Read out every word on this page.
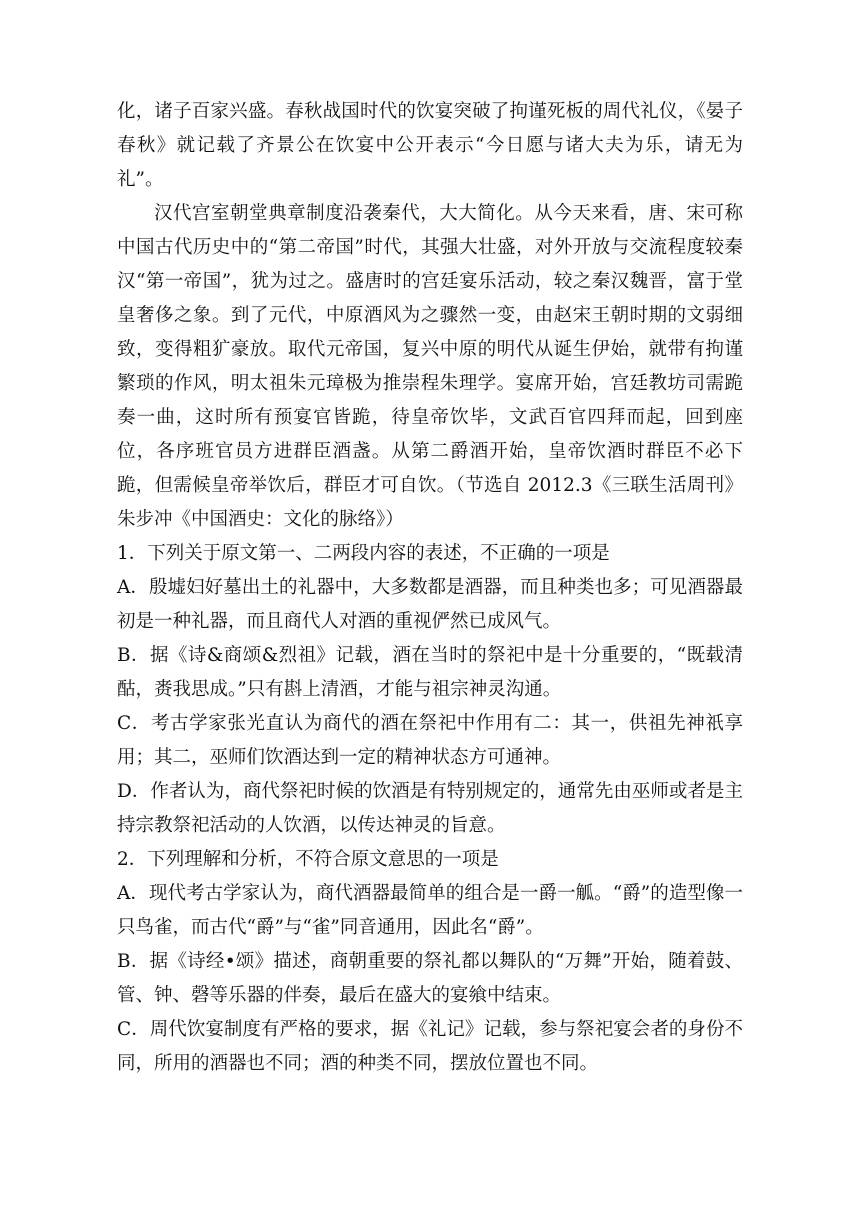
化，诸子百家兴盛。春秋战国时代的饮宴突破了拘谨死板的周代礼仪，《晏子春秋》就记载了齐景公在饮宴中公开表示“今日愿与诸大夫为乐，请无为礼”。

汉代宫室朝堂典章制度沿袭秦代，大大简化。从今天来看，唐、宋可称中国古代历史中的“第二帝国”时代，其强大壮盛，对外开放与交流程度较秦汉“第一帝国”，犹为过之。盛唐时的宫廷宴乐活动，较之秦汉魏晋，富于堂皇奢侈之象。到了元代，中原酒风为之骤然一变，由赵宋王朝时期的文弱细致，变得粗犷豪放。取代元帝国，复兴中原的明代从诞生伊始，就带有拘谨繁琐的作风，明太祖朱元璋极为推崇程朱理学。宴席开始，宫廷教坊司需跪奏一曲，这时所有预宴官皆跪，待皇帝饮毕，文武百官四拜而起，回到座位，各序班官员方进群臣酒盏。从第二爵酒开始，皇帝饮酒时群臣不必下跪，但需候皇帝举饮后，群臣才可自饮。（节选自 2012.3《三联生活周刊》朱步冲《中国酒史：文化的脉络》）

1．下列关于原文第一、二两段内容的表述，不正确的一项是

A．殷墟妇好墓出土的礼器中，大多数都是酒器，而且种类也多；可见酒器最初是一种礼器，而且商代人对酒的重视俨然已成风气。

B．据《诗&商颂&烈祖》记载，酒在当时的祭祀中是十分重要的，“既载清酤，赉我思成。”只有斟上清酒，才能与祖宗神灵沟通。

C．考古学家张光直认为商代的酒在祭祀中作用有二：其一，供祖先神祇享用；其二，巫师们饮酒达到一定的精神状态方可通神。

D．作者认为，商代祭祀时候的饮酒是有特别规定的，通常先由巫师或者是主持宗教祭祀活动的人饮酒，以传达神灵的旨意。

2．下列理解和分析，不符合原文意思的一项是

A．现代考古学家认为，商代酒器最简单的组合是一爵一觚。“爵”的造型像一只鸟雀，而古代“爵”与“雀”同音通用，因此名“爵”。

B．据《诗经•颂》描述，商朝重要的祭礼都以舞队的“万舞”开始，随着鼓、管、钟、磬等乐器的伴奏，最后在盛大的宴飨中结束。

C．周代饮宴制度有严格的要求，据《礼记》记载，参与祭祀宴会者的身份不同，所用的酒器也不同；酒的种类不同，摆放位置也不同。
